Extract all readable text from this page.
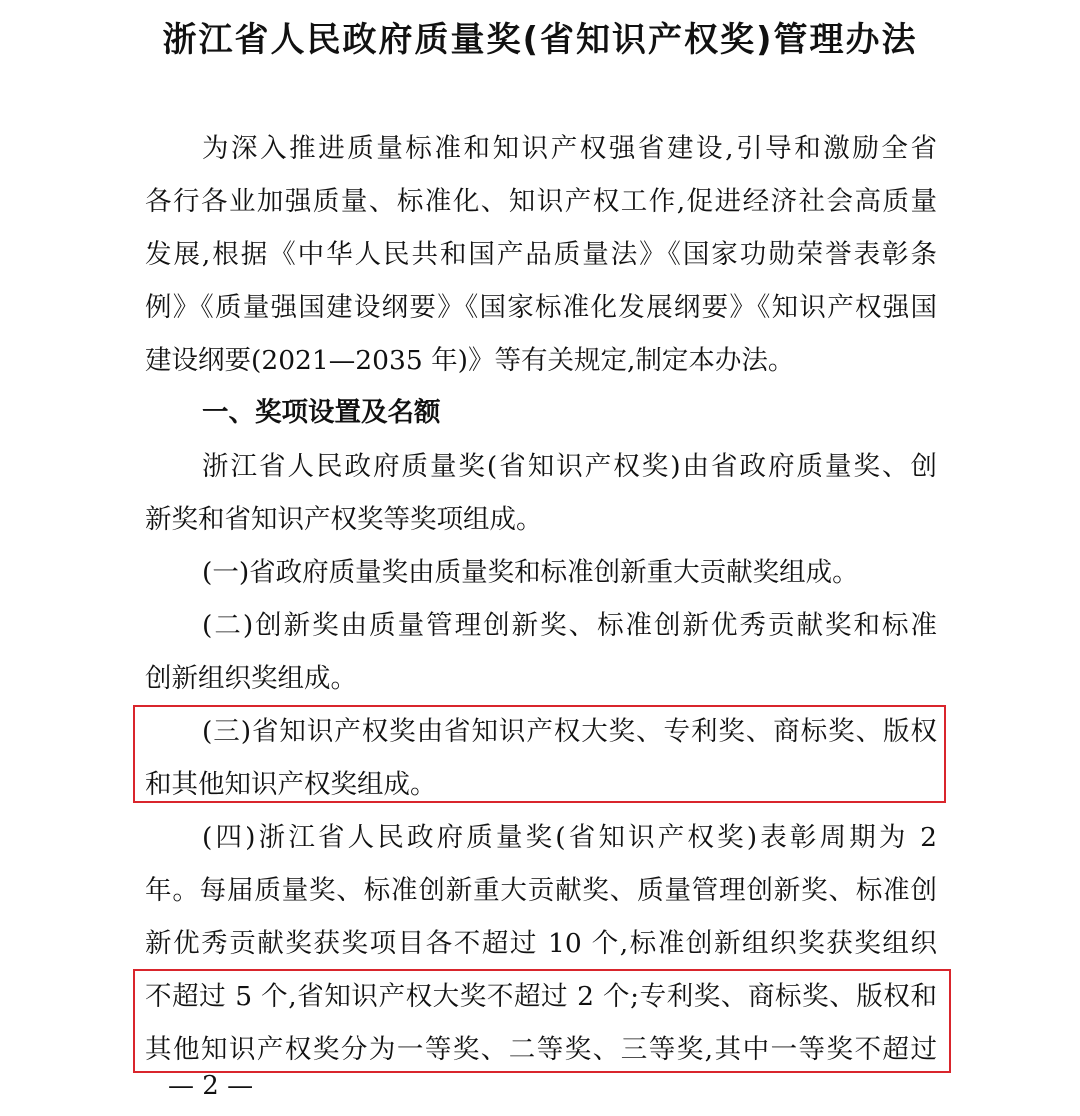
浙江省人民政府质量奖(省知识产权奖)管理办法
为深入推进质量标准和知识产权强省建设,引导和激励全省
各行各业加强质量、标准化、知识产权工作,促进经济社会高质量
发展,根据《中华人民共和国产品质量法》《国家功勋荣誉表彰条
例》《质量强国建设纲要》《国家标准化发展纲要》《知识产权强国
建设纲要(2021—2035 年)》等有关规定,制定本办法。
一、奖项设置及名额
浙江省人民政府质量奖(省知识产权奖)由省政府质量奖、创
新奖和省知识产权奖等奖项组成。
(一)省政府质量奖由质量奖和标准创新重大贡献奖组成。
(二)创新奖由质量管理创新奖、标准创新优秀贡献奖和标准
创新组织奖组成。
(三)省知识产权奖由省知识产权大奖、专利奖、商标奖、版权
和其他知识产权奖组成。
(四)浙江省人民政府质量奖(省知识产权奖)表彰周期为 2
年。每届质量奖、标准创新重大贡献奖、质量管理创新奖、标准创
新优秀贡献奖获奖项目各不超过 10 个,标准创新组织奖获奖组织
不超过 5 个,省知识产权大奖不超过 2 个;专利奖、商标奖、版权和
其他知识产权奖分为一等奖、二等奖、三等奖,其中一等奖不超过
— 2 —
